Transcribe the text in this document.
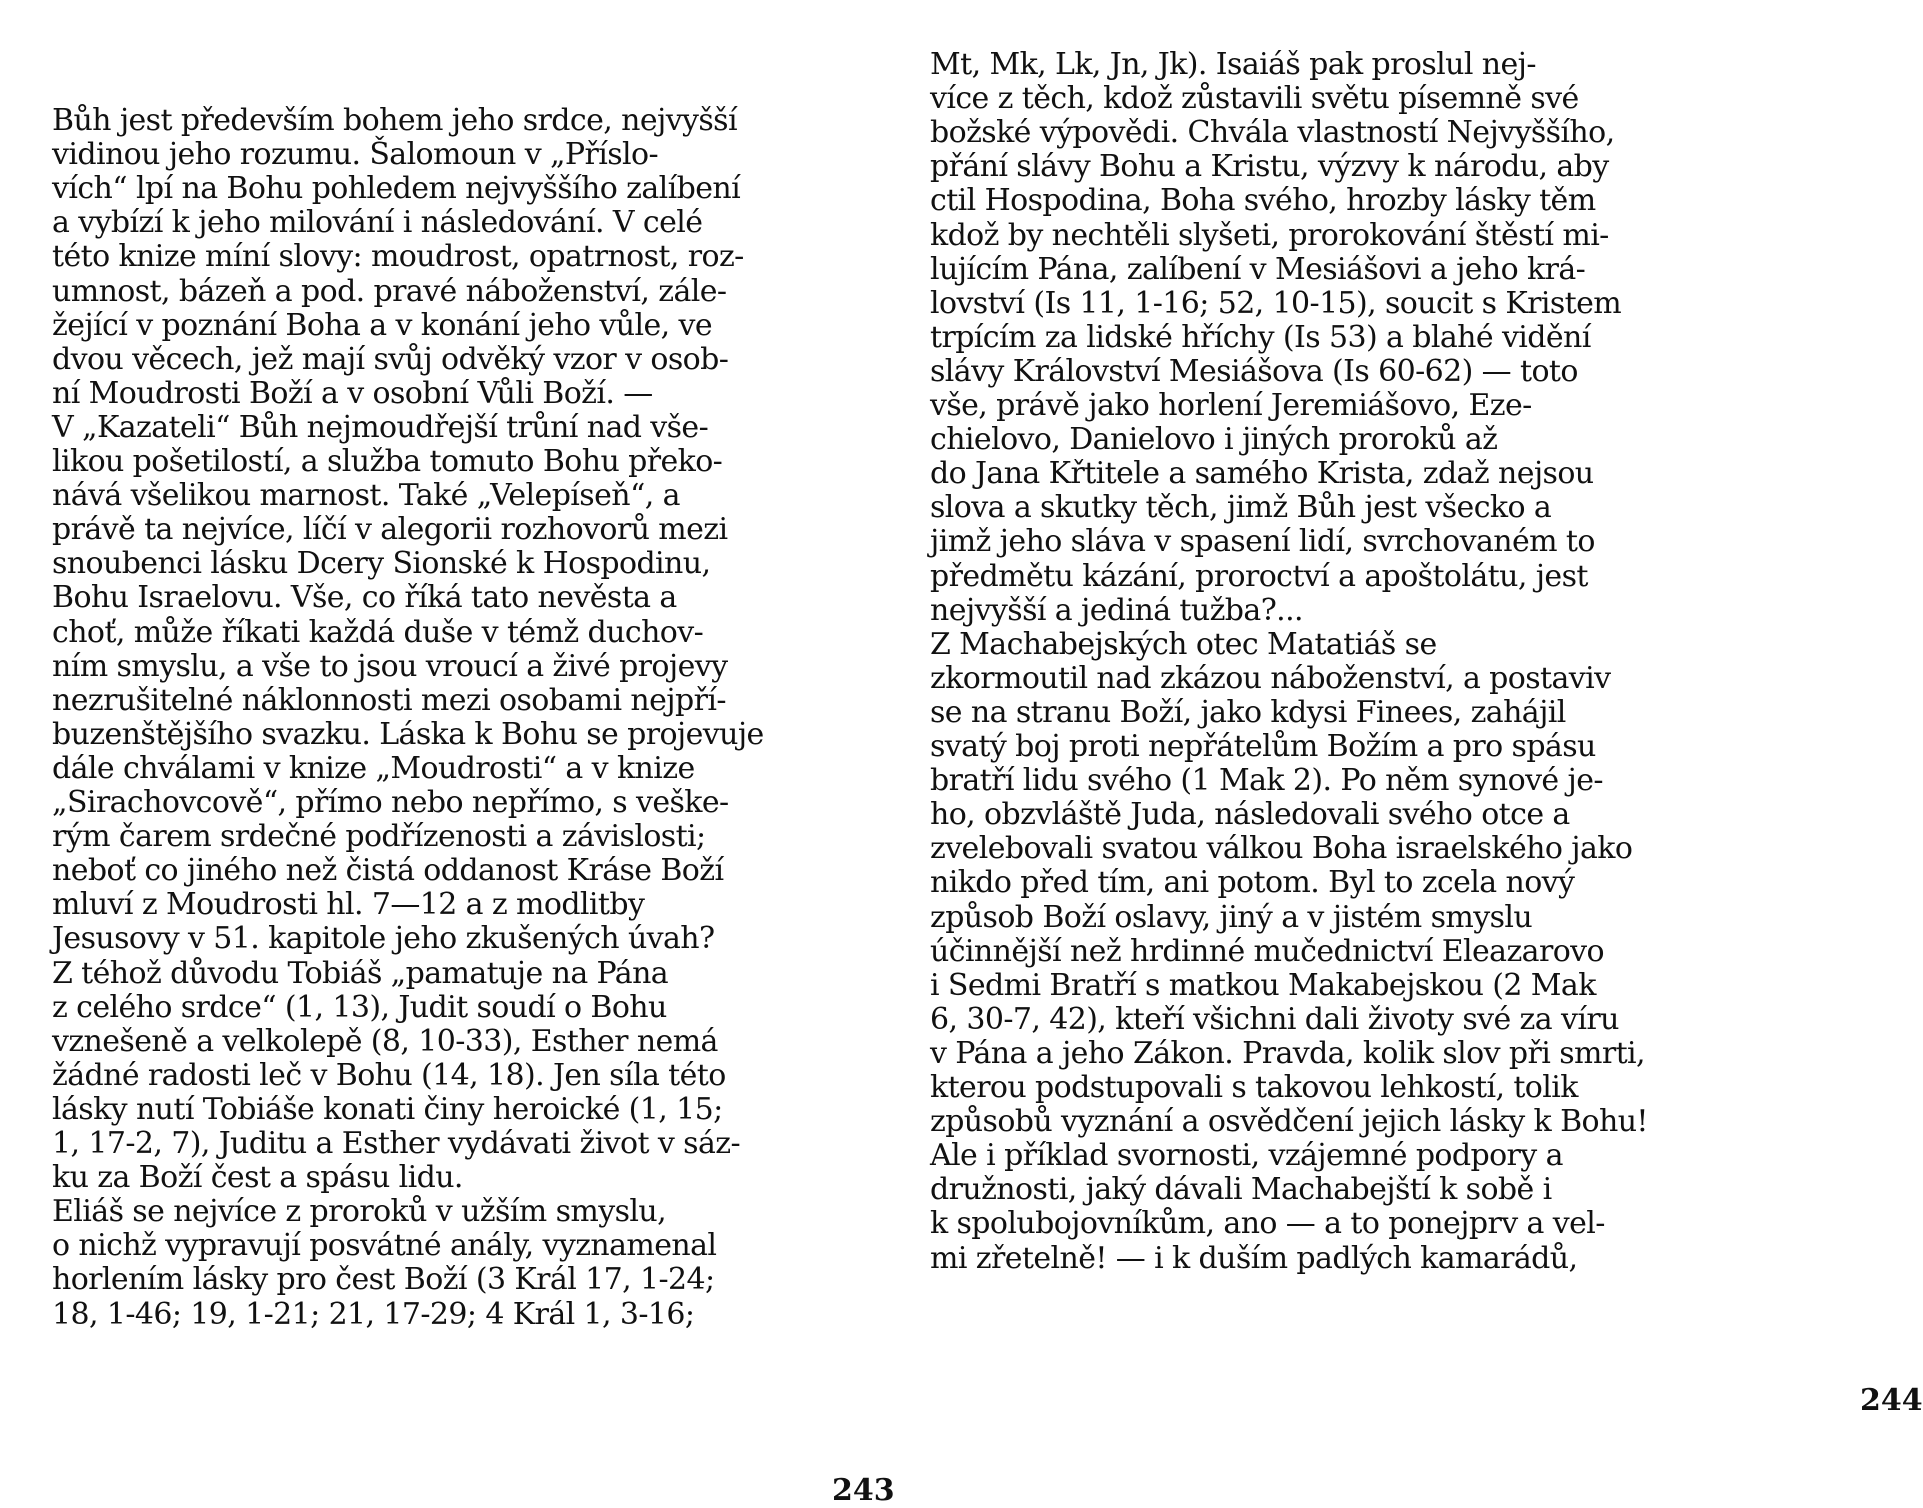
Bůh jest především bohem jeho srdce, nejvyšší

vidinou jeho rozumu. Šalomoun v „Příslo-

vích“ lpí na Bohu pohledem nejvyššího zalíbení

a vybízí k jeho milování i následování. V celé

této knize míní slovy: moudrost, opatrnost, roz-

umnost, bázeň a pod. pravé náboženství, zále-

žející v poznání Boha a v konání jeho vůle, ve

dvou věcech, jež mají svůj odvěký vzor v osob-

ní Moudrosti Boží a v osobní Vůli Boží. —

V „Kazateli“ Bůh nejmoudřejší trůní nad vše-

likou pošetilostí, a služba tomuto Bohu překo-

nává všelikou marnost. Také „Velepíseň“, a

právě ta nejvíce, líčí v alegorii rozhovorů mezi

snoubenci lásku Dcery Sionské k Hospodinu,

Bohu Israelovu. Vše, co říká tato nevěsta a

choť, může říkati každá duše v témž duchov-

ním smyslu, a vše to jsou vroucí a živé projevy

nezrušitelné náklonnosti mezi osobami nejpří-

buzenštějšího svazku. Láska k Bohu se projevuje

dále chválami v knize „Moudrosti“ a v knize

„Sirachovcově“, přímo nebo nepřímo, s veške-

rým čarem srdečné podřízenosti a závislosti;

neboť co jiného než čistá oddanost Kráse Boží

mluví z Moudrosti hl. 7—12 a z modlitby

Jesusovy v 51. kapitole jeho zkušených úvah?

Z téhož důvodu Tobiáš „pamatuje na Pána

z celého srdce“ (1, 13), Judit soudí o Bohu

vznešeně a velkolepě (8, 10-33), Esther nemá

žádné radosti leč v Bohu (14, 18). Jen síla této

lásky nutí Tobiáše konati činy heroické (1, 15;

1, 17-2, 7), Juditu a Esther vydávati život v sáz-

ku za Boží čest a spásu lidu.

Eliáš se nejvíce z proroků v užším smyslu,

o nichž vypravují posvátné anály, vyznamenal

horlením lásky pro čest Boží (3 Král 17, 1-24;

18, 1-46; 19, 1-21; 21, 17-29; 4 Král 1, 3-16;

243

Mt, Mk, Lk, Jn, Jk). Isaiáš pak proslul nej-

více z těch, kdož zůstavili světu písemně své

božské výpovědi. Chvála vlastností Nejvyššího,

přání slávy Bohu a Kristu, výzvy k národu, aby

ctil Hospodina, Boha svého, hrozby lásky těm

kdož by nechtěli slyšeti, prorokování štěstí mi-

lujícím Pána, zalíbení v Mesiášovi a jeho krá-

lovství (Is 11, 1-16; 52, 10-15), soucit s Kristem

trpícím za lidské hříchy (Is 53) a blahé vidění

slávy Království Mesiášova (Is 60-62) — toto

vše, právě jako horlení Jeremiášovo, Eze-

chielovo, Danielovo i jiných proroků až

do Jana Křtitele a samého Krista, zdaž nejsou

slova a skutky těch, jimž Bůh jest všecko a

jimž jeho sláva v spasení lidí, svrchovaném to

předmětu kázání, proroctví a apoštolátu, jest

nejvyšší a jediná tužba?...

Z Machabejských otec Matatiáš se

zkormoutil nad zkázou náboženství, a postaviv

se na stranu Boží, jako kdysi Finees, zahájil

svatý boj proti nepřátelům Božím a pro spásu

bratří lidu svého (1 Mak 2). Po něm synové je-

ho, obzvláště Juda, následovali svého otce a

zvelebovali svatou válkou Boha israelského jako

nikdo před tím, ani potom. Byl to zcela nový

způsob Boží oslavy, jiný a v jistém smyslu

účinnější než hrdinné mučednictví Eleazarovo

i Sedmi Bratří s matkou Makabejskou (2 Mak

6, 30-7, 42), kteří všichni dali životy své za víru

v Pána a jeho Zákon. Pravda, kolik slov při smrti,

kterou podstupovali s takovou lehkostí, tolik

způsobů vyznání a osvědčení jejich lásky k Bohu!

Ale i příklad svornosti, vzájemné podpory a

družnosti, jaký dávali Machabejští k sobě i

k spolubojovníkům, ano — a to ponejprv a vel-

mi zřetelně! — i k duším padlých kamarádů,

244
